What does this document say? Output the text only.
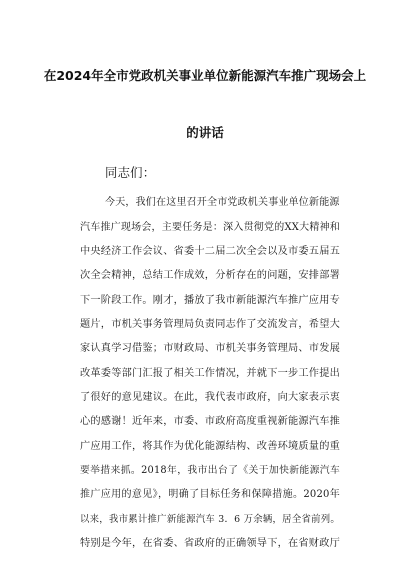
在2024年全市党政机关事业单位新能源汽车推广现场会上
的讲话
同志们：
今天，我们在这里召开全市党政机关事业单位新能源
汽车推广现场会，主要任务是：深入贯彻党的XX大精神和
中央经济工作会议、省委十二届二次全会以及市委五届五
次全会精神，总结工作成效，分析存在的问题，安排部署
下一阶段工作。刚才，播放了我市新能源汽车推广应用专
题片，市机关事务管理局负责同志作了交流发言，希望大
家认真学习借鉴；市财政局、市机关事务管理局、市发展
改革委等部门汇报了相关工作情况，并就下一步工作提出
了很好的意见建议。在此，我代表市政府，向大家表示衷
心的感谢！近年来，市委、市政府高度重视新能源汽车推
广应用工作，将其作为优化能源结构、改善环境质量的重
要举措来抓。2018年，我市出台了《关于加快新能源汽车
推广应用的意见》，明确了目标任务和保障措施。2020年
以来，我市累计推广新能源汽车 3．6 万余辆，居全省前列。
特别是今年，在省委、省政府的正确领导下，在省财政厅
